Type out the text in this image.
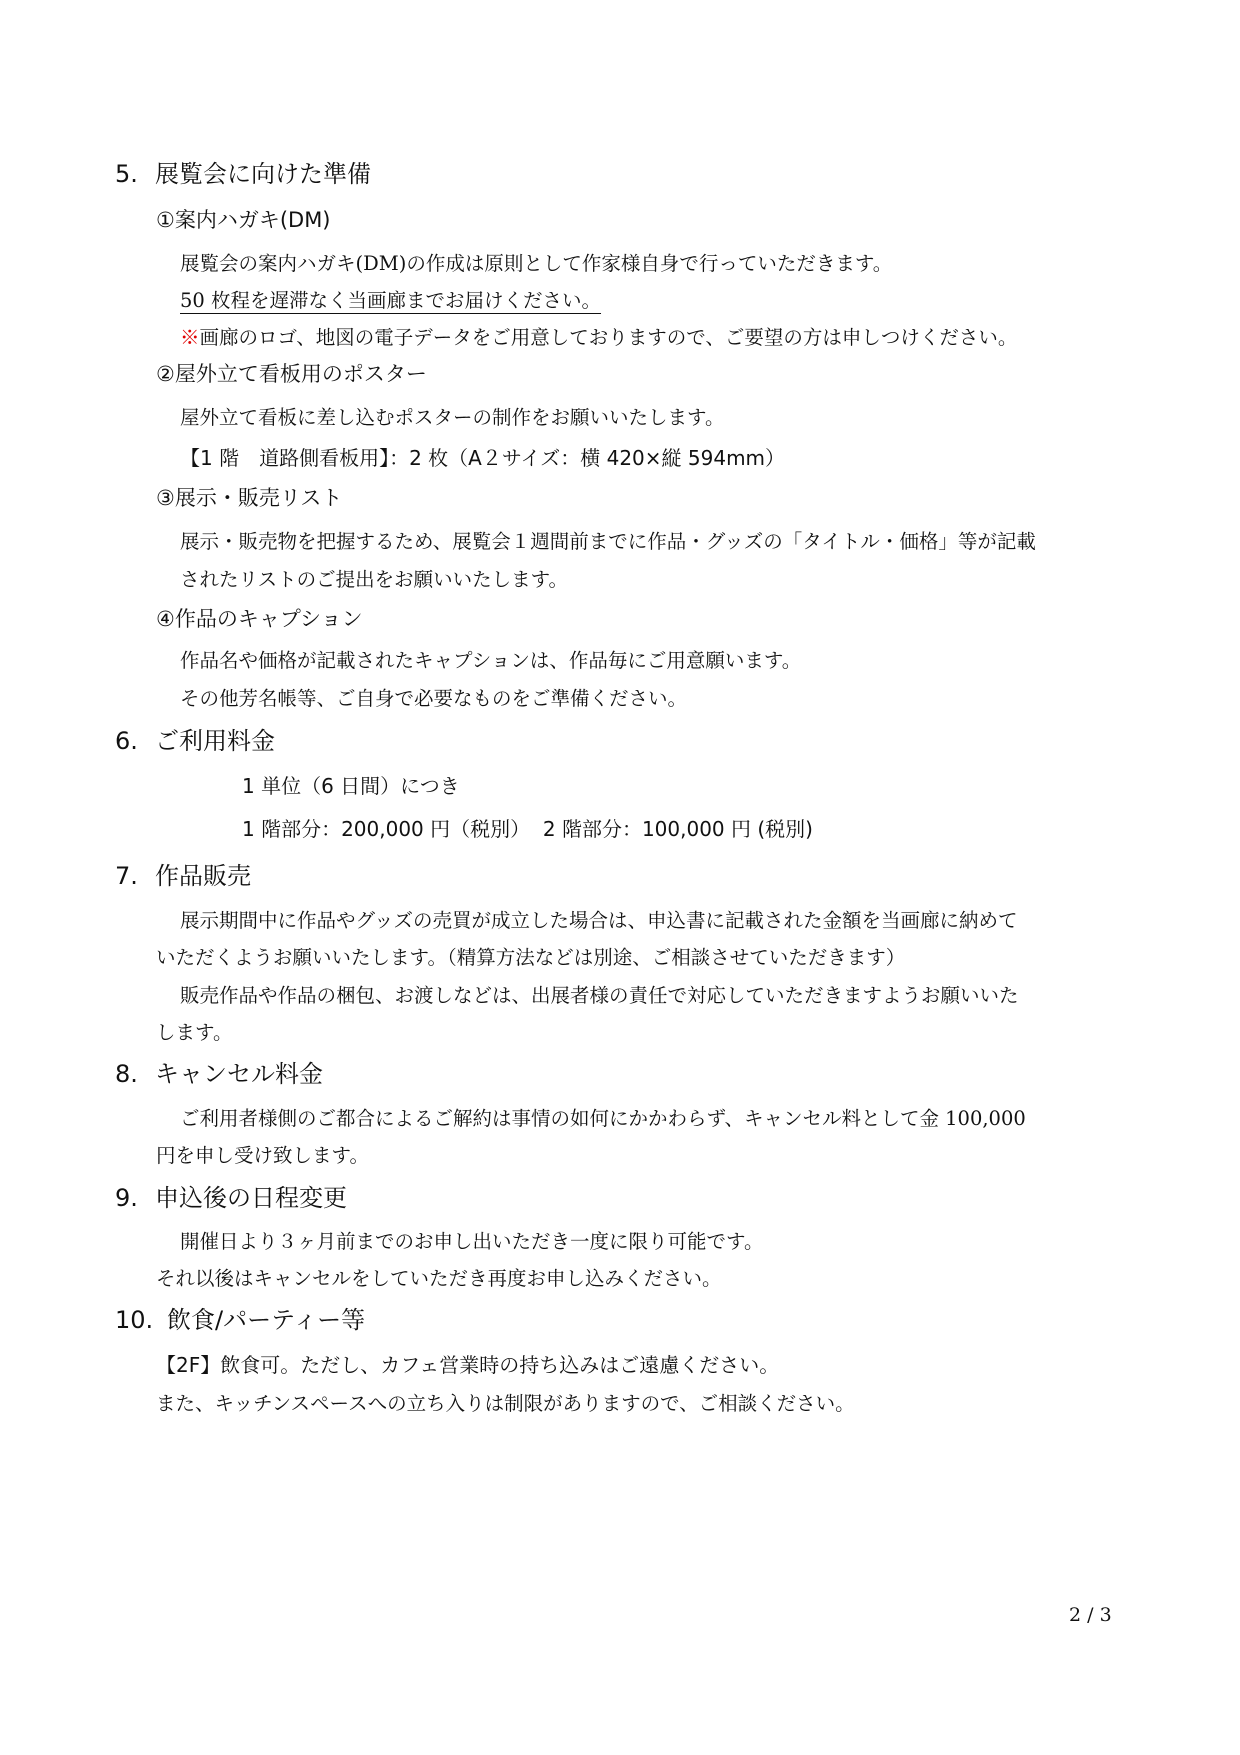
5. 展覧会に向けた準備
①案内ハガキ(DM)
展覧会の案内ハガキ(DM)の作成は原則として作家様自身で行っていただきます。
50 枚程を遅滞なく当画廊までお届けください。
※画廊のロゴ、地図の電子データをご用意しておりますので、ご要望の方は申しつけください。
②屋外立て看板用のポスター
屋外立て看板に差し込むポスターの制作をお願いいたします。
【1 階　道路側看板用】：2 枚（A２サイズ：横 420×縦 594mm）
③展示・販売リスト
展示・販売物を把握するため、展覧会１週間前までに作品・グッズの「タイトル・価格」等が記載
されたリストのご提出をお願いいたします。
④作品のキャプション
作品名や価格が記載されたキャプションは、作品毎にご用意願います。
その他芳名帳等、ご自身で必要なものをご準備ください。
6. ご利用料金
1 単位（6 日間）につき
1 階部分：200,000 円（税別）  2 階部分：100,000 円 (税別)
7. 作品販売
展示期間中に作品やグッズの売買が成立した場合は、申込書に記載された金額を当画廊に納めて
いただくようお願いいたします。（精算方法などは別途、ご相談させていただきます）
販売作品や作品の梱包、お渡しなどは、出展者様の責任で対応していただきますようお願いいた
します。
8. キャンセル料金
ご利用者様側のご都合によるご解約は事情の如何にかかわらず、キャンセル料として金 100,000
円を申し受け致します。
9. 申込後の日程変更
開催日より３ヶ月前までのお申し出いただき一度に限り可能です。
それ以後はキャンセルをしていただき再度お申し込みください。
10. 飲食/パーティー等
【2F】飲食可。ただし、カフェ営業時の持ち込みはご遠慮ください。
また、キッチンスペースへの立ち入りは制限がありますので、ご相談ください。
2 / 3
